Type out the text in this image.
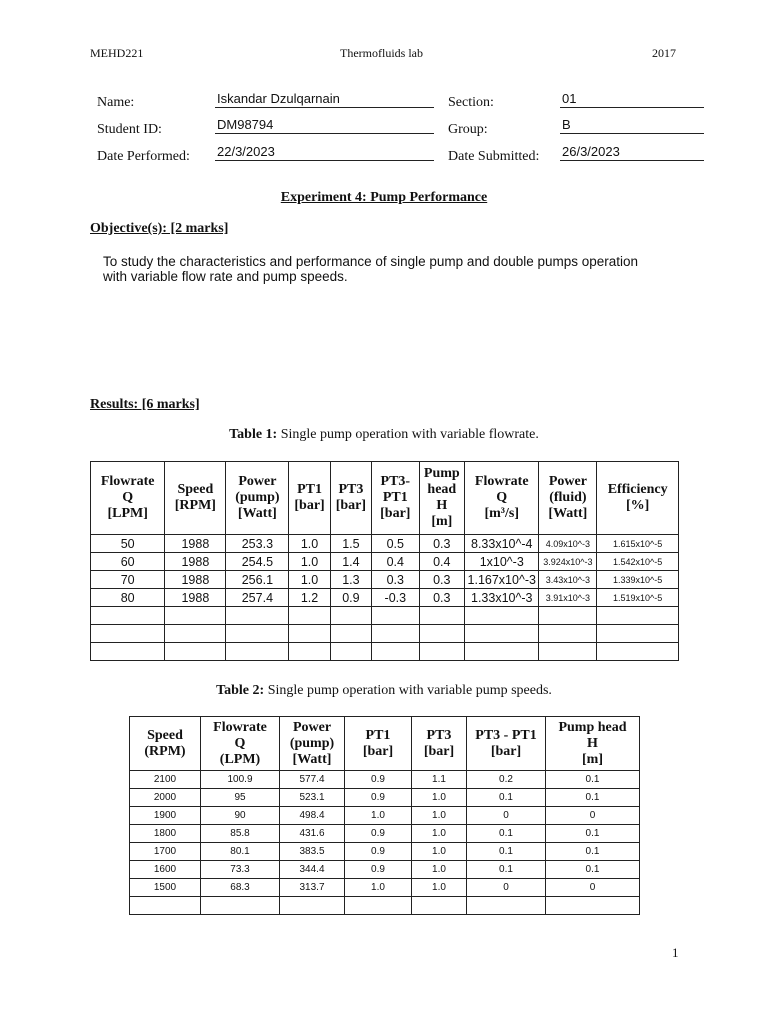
MEHD221	Thermofluids lab	2017
Name:	Iskandar Dzulqarnain	Section:	01
Student ID:	DM98794	Group:	B
Date Performed: 22/3/2023	Date Submitted: 26/3/2023
Experiment 4: Pump Performance
Objective(s): [2 marks]
To study the characteristics and performance of single pump and double pumps operation
with variable flow rate and pump speeds.
Results: [6 marks]
Table 1: Single pump operation with variable flowrate.
Flowrate
Q
[LPM]	Speed
[RPM]	Power
(pump)
[Watt]	PT1
[bar]	PT3
[bar]	PT3-
PT1
[bar]	Pump
head
H
[m]	Flowrate
Q
[m³/s]	Power
(fluid)
[Watt]	Efficiency
[%]
50	1988	253.3	1.0	1.5	0.5	0.3	8.33x10^-4	4.09x10^-3	1.615x10^-5
60	1988	254.5	1.0	1.4	0.4	0.4	1x10^-3	3.924x10^-3	1.542x10^-5
70	1988	256.1	1.0	1.3	0.3	0.3	1.167x10^-3	3.43x10^-3	1.339x10^-5
80	1988	257.4	1.2	0.9	-0.3	0.3	1.33x10^-3	3.91x10^-3	1.519x10^-5

Table 2: Single pump operation with variable pump speeds.
Speed
(RPM)	Flowrate
Q
(LPM)	Power
(pump)
[Watt]	PT1
[bar]	PT3
[bar]	PT3 - PT1
[bar]	Pump head
H
[m]
2100	100.9	577.4	0.9	1.1	0.2	0.1
2000	95	523.1	0.9	1.0	0.1	0.1
1900	90	498.4	1.0	1.0	0	0
1800	85.8	431.6	0.9	1.0	0.1	0.1
1700	80.1	383.5	0.9	1.0	0.1	0.1
1600	73.3	344.4	0.9	1.0	0.1	0.1
1500	68.3	313.7	1.0	1.0	0	0

1
